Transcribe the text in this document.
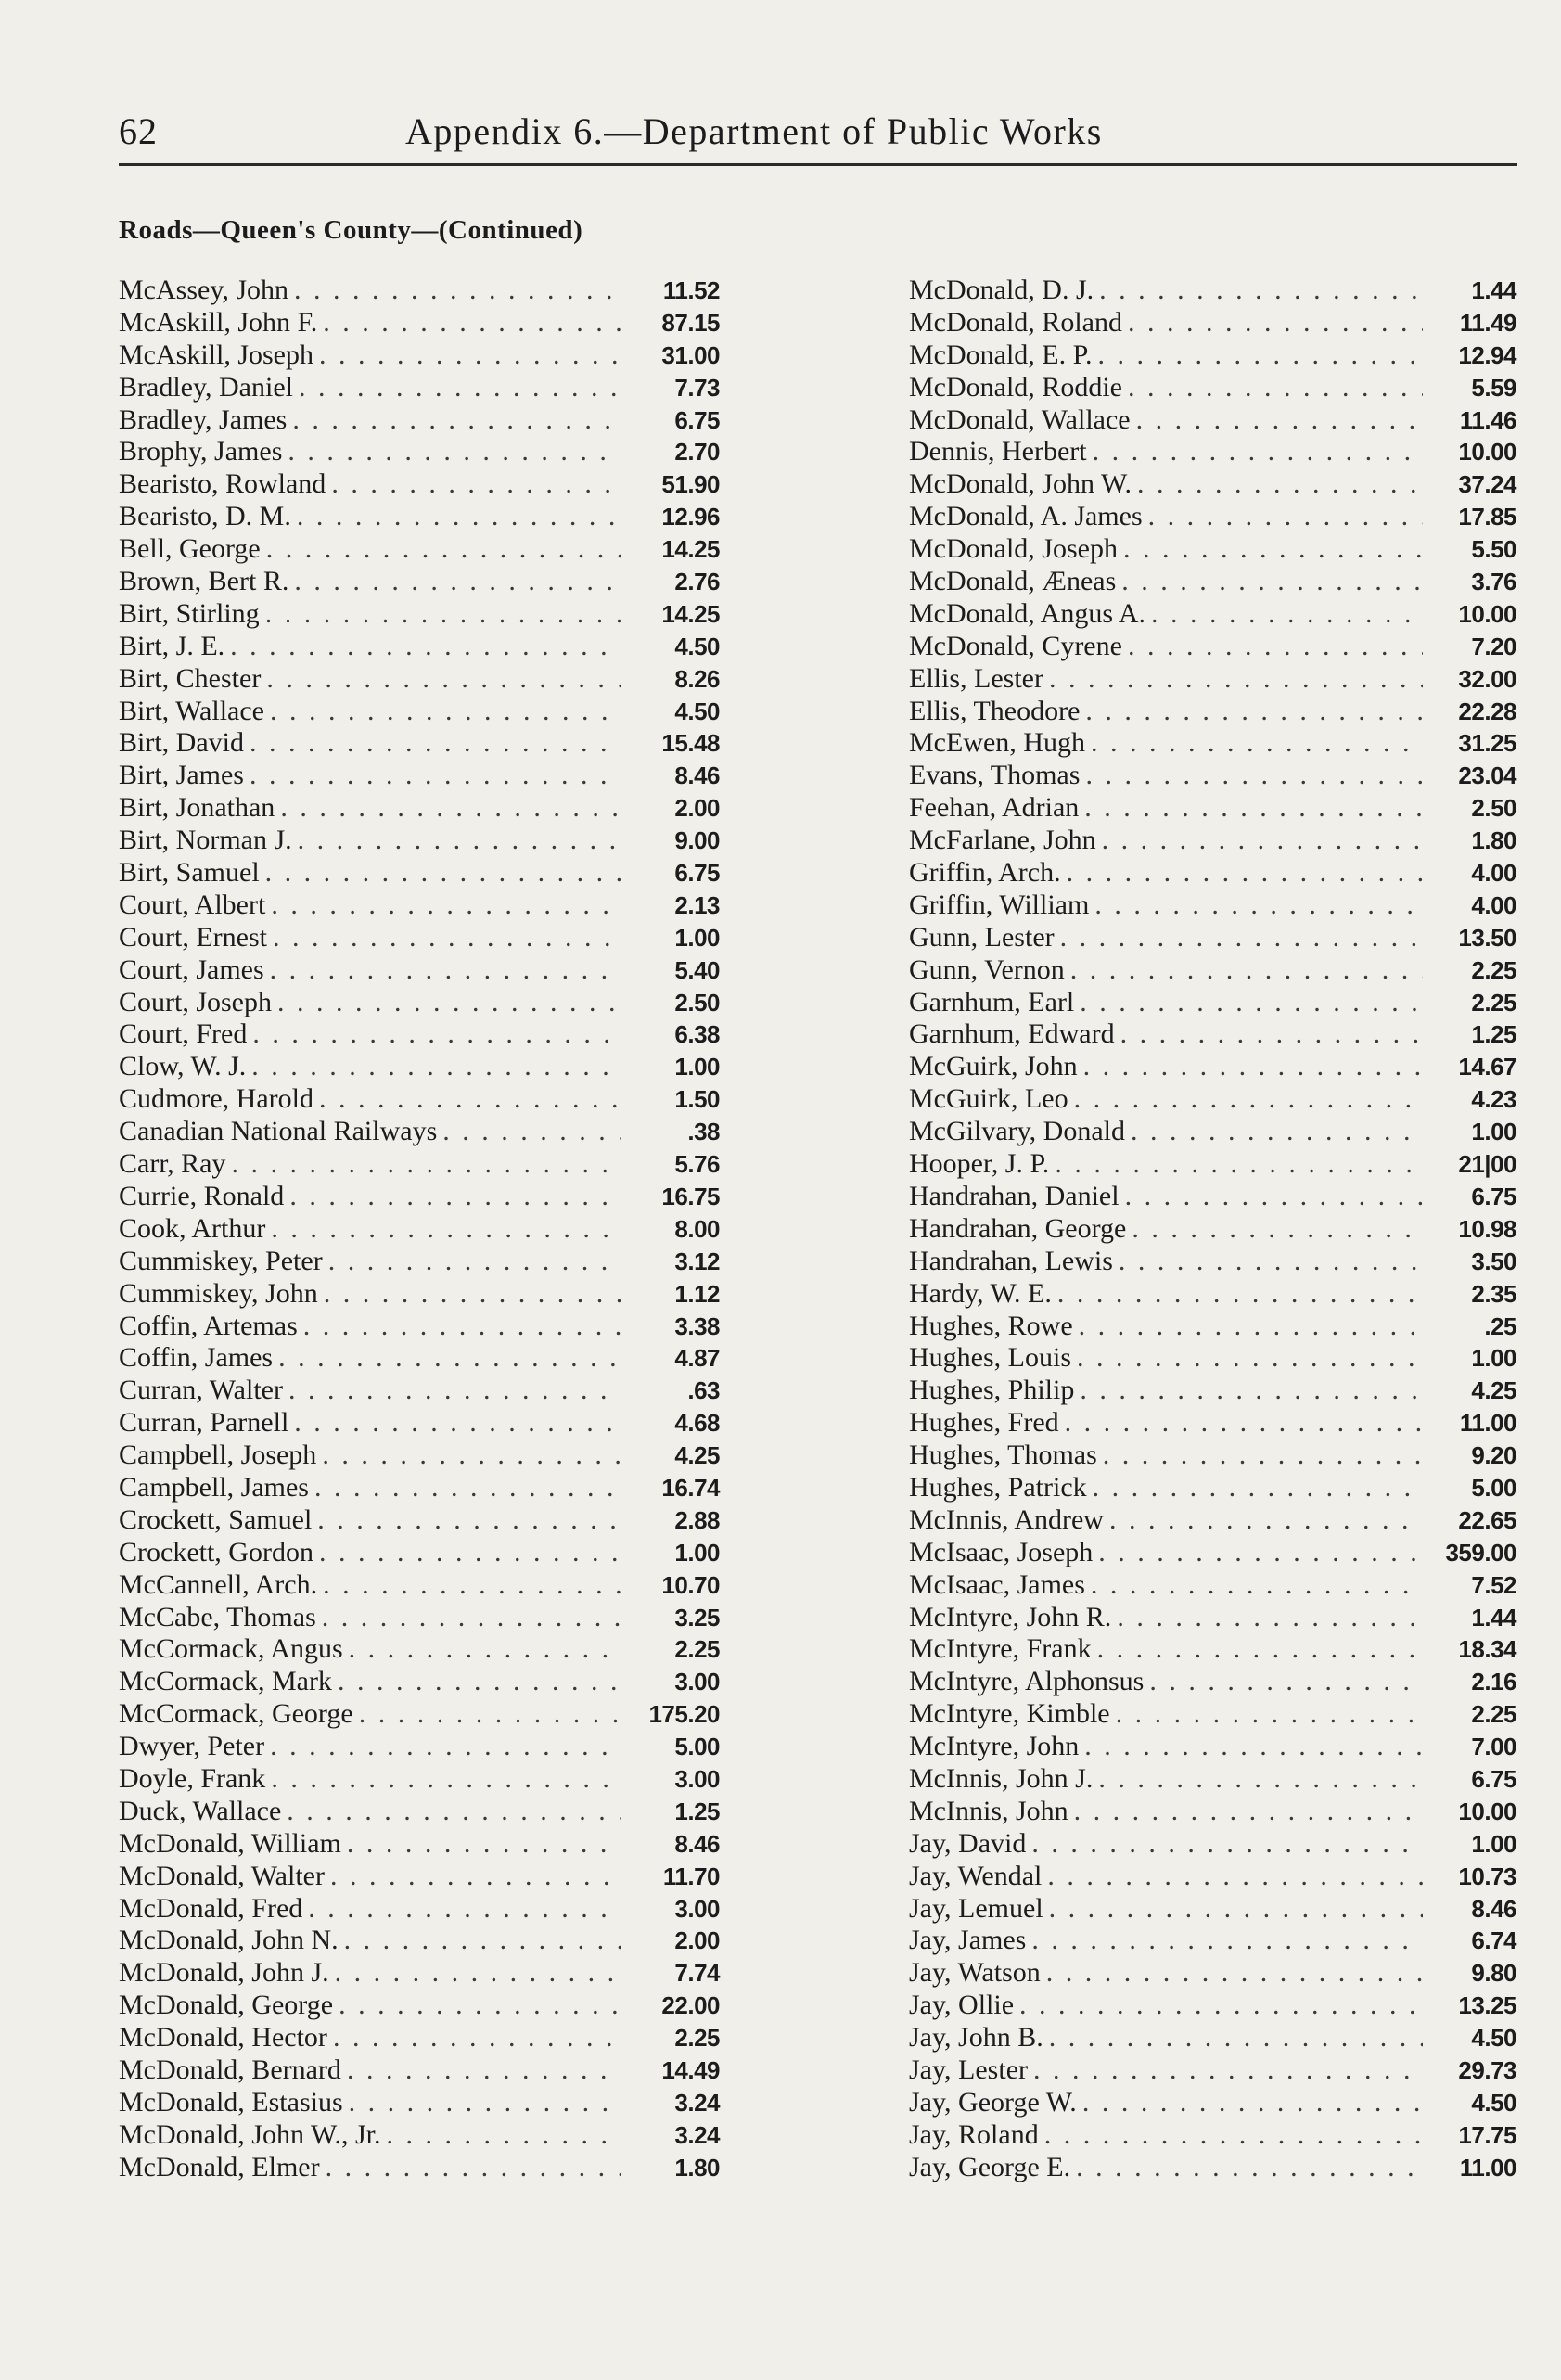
62	Appendix 6.—Department of Public Works
Roads—Queen's County—(Continued)
McAssey, John . . .	11.52
McAskill, John F. . . .	87.15
McAskill, Joseph . . .	31.00
Bradley, Daniel . . .	7.73
Bradley, James . . .	6.75
Brophy, James . . .	2.70
Bearisto, Rowland . . .	51.90
Bearisto, D. M. . . .	12.96
Bell, George . . .	14.25
Brown, Bert R. . . .	2.76
Birt, Stirling . . .	14.25
Birt, J. E. . . .	4.50
Birt, Chester . . .	8.26
Birt, Wallace . . .	4.50
Birt, David . . .	15.48
Birt, James . . .	8.46
Birt, Jonathan . . .	2.00
Birt, Norman J. . . .	9.00
Birt, Samuel . . .	6.75
Court, Albert . . .	2.13
Court, Ernest . . .	1.00
Court, James . . .	5.40
Court, Joseph . . .	2.50
Court, Fred . . .	6.38
Clow, W. J. . . .	1.00
Cudmore, Harold . . .	1.50
Canadian National Railways . . .	.38
Carr, Ray . . .	5.76
Currie, Ronald . . .	16.75
Cook, Arthur . . .	8.00
Cummiskey, Peter . . .	3.12
Cummiskey, John . . .	1.12
Coffin, Artemas . . .	3.38
Coffin, James . . .	4.87
Curran, Walter . . .	.63
Curran, Parnell . . .	4.68
Campbell, Joseph . . .	4.25
Campbell, James . . .	16.74
Crockett, Samuel . . .	2.88
Crockett, Gordon . . .	1.00
McCannell, Arch. . . .	10.70
McCabe, Thomas . . .	3.25
McCormack, Angus . . .	2.25
McCormack, Mark . . .	3.00
McCormack, George . . .	175.20
Dwyer, Peter . . .	5.00
Doyle, Frank . . .	3.00
Duck, Wallace . . .	1.25
McDonald, William . . .	8.46
McDonald, Walter . . .	11.70
McDonald, Fred . . .	3.00
McDonald, John N. . . .	2.00
McDonald, John J. . . .	7.74
McDonald, George . . .	22.00
McDonald, Hector . . .	2.25
McDonald, Bernard . . .	14.49
McDonald, Estasius . . .	3.24
McDonald, John W., Jr. . . .	3.24
McDonald, Elmer . . .	1.80
McDonald, D. J. . . .	1.44
McDonald, Roland . . .	11.49
McDonald, E. P. . . .	12.94
McDonald, Roddie . . .	5.59
McDonald, Wallace . . .	11.46
Dennis, Herbert . . .	10.00
McDonald, John W. . . .	37.24
McDonald, A. James . . .	17.85
McDonald, Joseph . . .	5.50
McDonald, Æneas . . .	3.76
McDonald, Angus A. . . .	10.00
McDonald, Cyrene . . .	7.20
Ellis, Lester . . .	32.00
Ellis, Theodore . . .	22.28
McEwen, Hugh . . .	31.25
Evans, Thomas . . .	23.04
Feehan, Adrian . . .	2.50
McFarlane, John . . .	1.80
Griffin, Arch. . . .	4.00
Griffin, William . . .	4.00
Gunn, Lester . . .	13.50
Gunn, Vernon . . .	2.25
Garnhum, Earl . . .	2.25
Garnhum, Edward . . .	1.25
McGuirk, John . . .	14.67
McGuirk, Leo . . .	4.23
McGilvary, Donald . . .	1.00
Hooper, J. P. . . .	21|00
Handrahan, Daniel . . .	6.75
Handrahan, George . . .	10.98
Handrahan, Lewis . . .	3.50
Hardy, W. E. . . .	2.35
Hughes, Rowe . . .	.25
Hughes, Louis . . .	1.00
Hughes, Philip . . .	4.25
Hughes, Fred . . .	11.00
Hughes, Thomas . . .	9.20
Hughes, Patrick . . .	5.00
McInnis, Andrew . . .	22.65
McIsaac, Joseph . . .	359.00
McIsaac, James . . .	7.52
McIntyre, John R. . . .	1.44
McIntyre, Frank . . .	18.34
McIntyre, Alphonsus . . .	2.16
McIntyre, Kimble . . .	2.25
McIntyre, John . . .	7.00
McInnis, John J. . . .	6.75
McInnis, John . . .	10.00
Jay, David . . .	1.00
Jay, Wendal . . .	10.73
Jay, Lemuel . . .	8.46
Jay, James . . .	6.74
Jay, Watson . . .	9.80
Jay, Ollie . . .	13.25
Jay, John B. . . .	4.50
Jay, Lester . . .	29.73
Jay, George W. . . .	4.50
Jay, Roland . . .	17.75
Jay, George E. . . .	11.00
